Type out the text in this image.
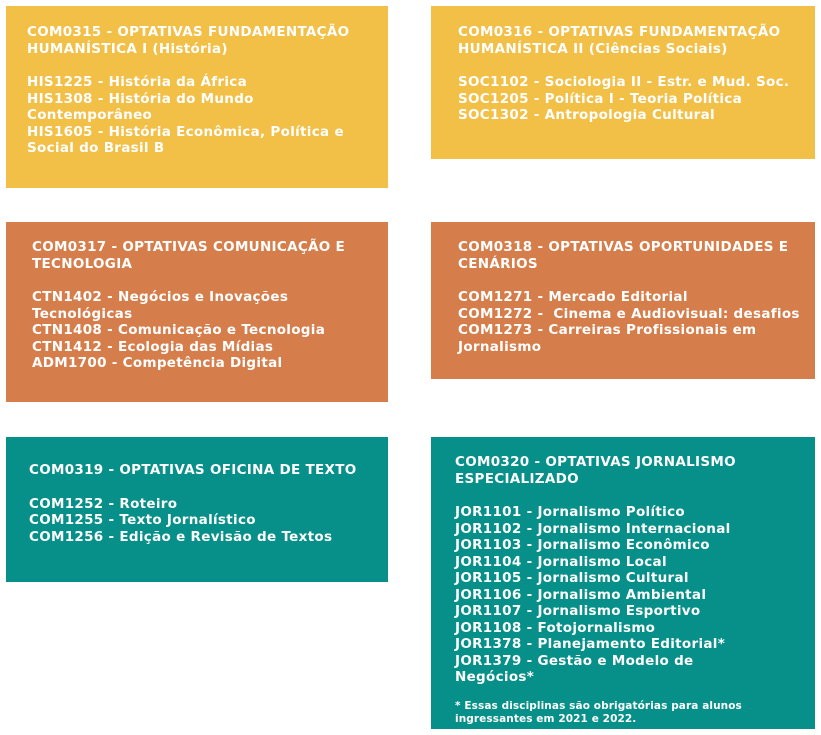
COM0315 - OPTATIVAS FUNDAMENTAÇÃO HUMANÍSTICA I (História)
HIS1225 - História da África
HIS1308 - História do Mundo Contemporâneo
HIS1605 - História Econômica, Política e Social do Brasil B
COM0316 - OPTATIVAS FUNDAMENTAÇÃO HUMANÍSTICA II (Ciências Sociais)
SOC1102 - Sociologia II - Estr. e Mud. Soc.
SOC1205 - Política I - Teoria Política
SOC1302 - Antropologia Cultural
COM0317 - OPTATIVAS COMUNICAÇÃO E TECNOLOGIA
CTN1402 - Negócios e Inovações Tecnológicas
CTN1408 - Comunicação e Tecnologia
CTN1412 - Ecologia das Mídias
ADM1700 - Competência Digital
COM0318 - OPTATIVAS OPORTUNIDADES E CENÁRIOS
COM1271 - Mercado Editorial
COM1272 -  Cinema e Audiovisual: desafios
COM1273 - Carreiras Profissionais em Jornalismo
COM0319 - OPTATIVAS OFICINA DE TEXTO
COM1252 - Roteiro
COM1255 - Texto Jornalístico
COM1256 - Edição e Revisão de Textos
COM0320 - OPTATIVAS JORNALISMO ESPECIALIZADO
JOR1101 - Jornalismo Político
JOR1102 - Jornalismo Internacional
JOR1103 - Jornalismo Econômico
JOR1104 - Jornalismo Local
JOR1105 - Jornalismo Cultural
JOR1106 - Jornalismo Ambiental
JOR1107 - Jornalismo Esportivo
JOR1108 - Fotojornalismo
JOR1378 - Planejamento Editorial*
JOR1379 - Gestão e Modelo de Negócios*
* Essas disciplinas são obrigatórias para alunos ingressantes em 2021 e 2022.
